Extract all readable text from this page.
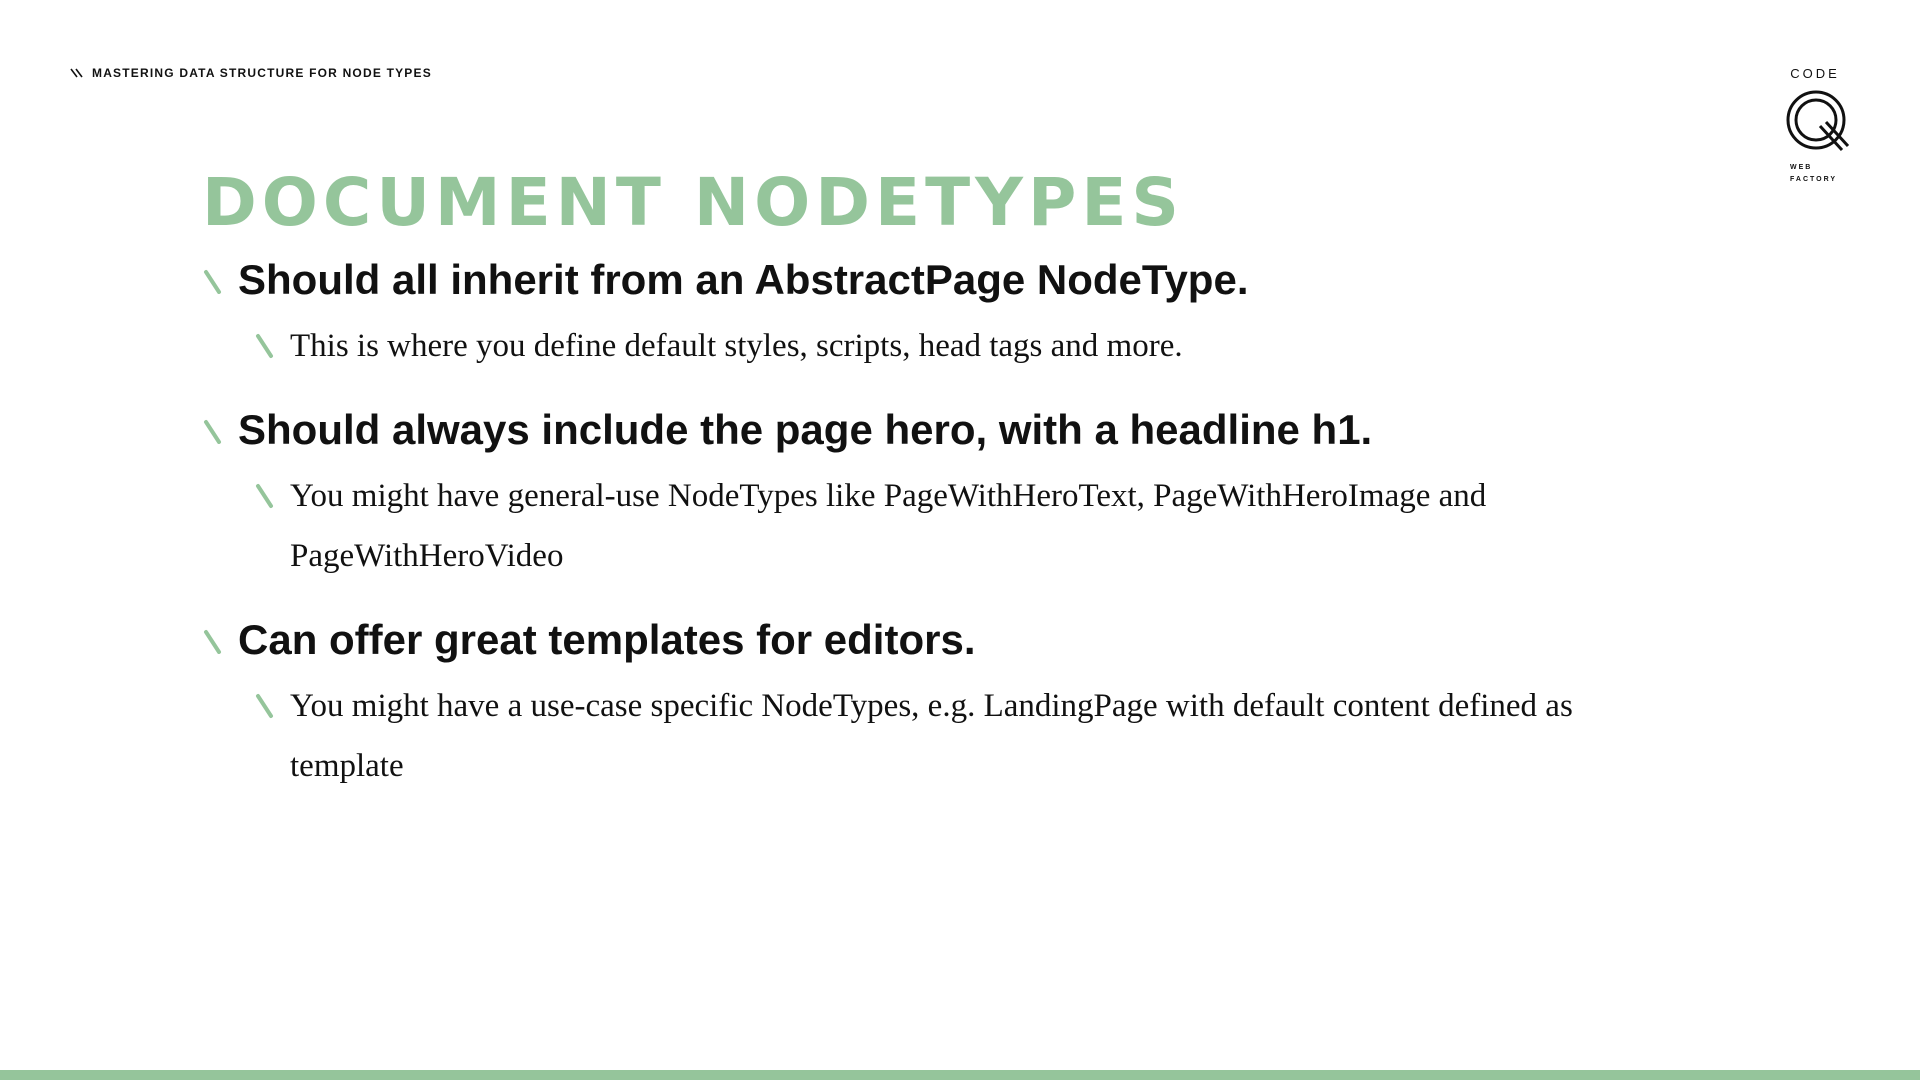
MASTERING DATA STRUCTURE FOR NODE TYPES	CODE
WEB
FACTORY
DOCUMENT NODETYPES
Should all inherit from an AbstractPage NodeType.
This is where you define default styles, scripts, head tags and more.
Should always include the page hero, with a headline h1.
You might have general-use NodeTypes like PageWithHeroText, PageWithHeroImage and PageWithHeroVideo
Can offer great templates for editors.
You might have a use-case specific NodeTypes, e.g. LandingPage with default content defined as template
